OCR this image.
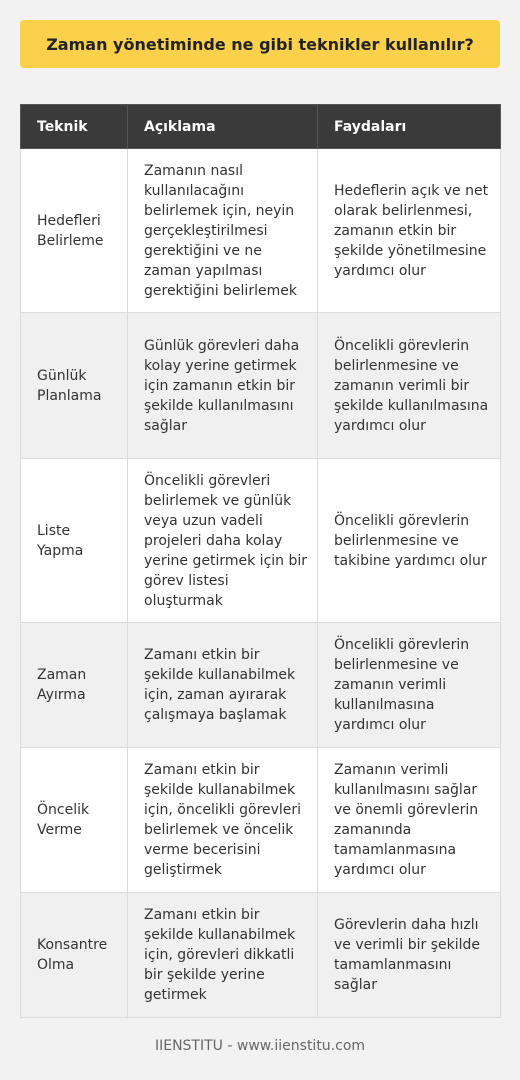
Zaman yönetiminde ne gibi teknikler kullanılır?
Teknik	Açıklama	Faydaları
Hedefleri Belirleme	Zamanın nasıl kullanılacağını belirlemek için, neyin gerçekleştirilmesi gerektiğini ve ne zaman yapılması gerektiğini belirlemek	Hedeflerin açık ve net olarak belirlenmesi, zamanın etkin bir şekilde yönetilmesine yardımcı olur
Günlük Planlama	Günlük görevleri daha kolay yerine getirmek için zamanın etkin bir şekilde kullanılmasını sağlar	Öncelikli görevlerin belirlenmesine ve zamanın verimli bir şekilde kullanılmasına yardımcı olur
Liste Yapma	Öncelikli görevleri belirlemek ve günlük veya uzun vadeli projeleri daha kolay yerine getirmek için bir görev listesi oluşturmak	Öncelikli görevlerin belirlenmesine ve takibine yardımcı olur
Zaman Ayırma	Zamanı etkin bir şekilde kullanabilmek için, zaman ayırarak çalışmaya başlamak	Öncelikli görevlerin belirlenmesine ve zamanın verimli kullanılmasına yardımcı olur
Öncelik Verme	Zamanı etkin bir şekilde kullanabilmek için, öncelikli görevleri belirlemek ve öncelik verme becerisini geliştirmek	Zamanın verimli kullanılmasını sağlar ve önemli görevlerin zamanında tamamlanmasına yardımcı olur
Konsantre Olma	Zamanı etkin bir şekilde kullanabilmek için, görevleri dikkatli bir şekilde yerine getirmek	Görevlerin daha hızlı ve verimli bir şekilde tamamlanmasını sağlar
IIENSTITU - www.iienstitu.com
